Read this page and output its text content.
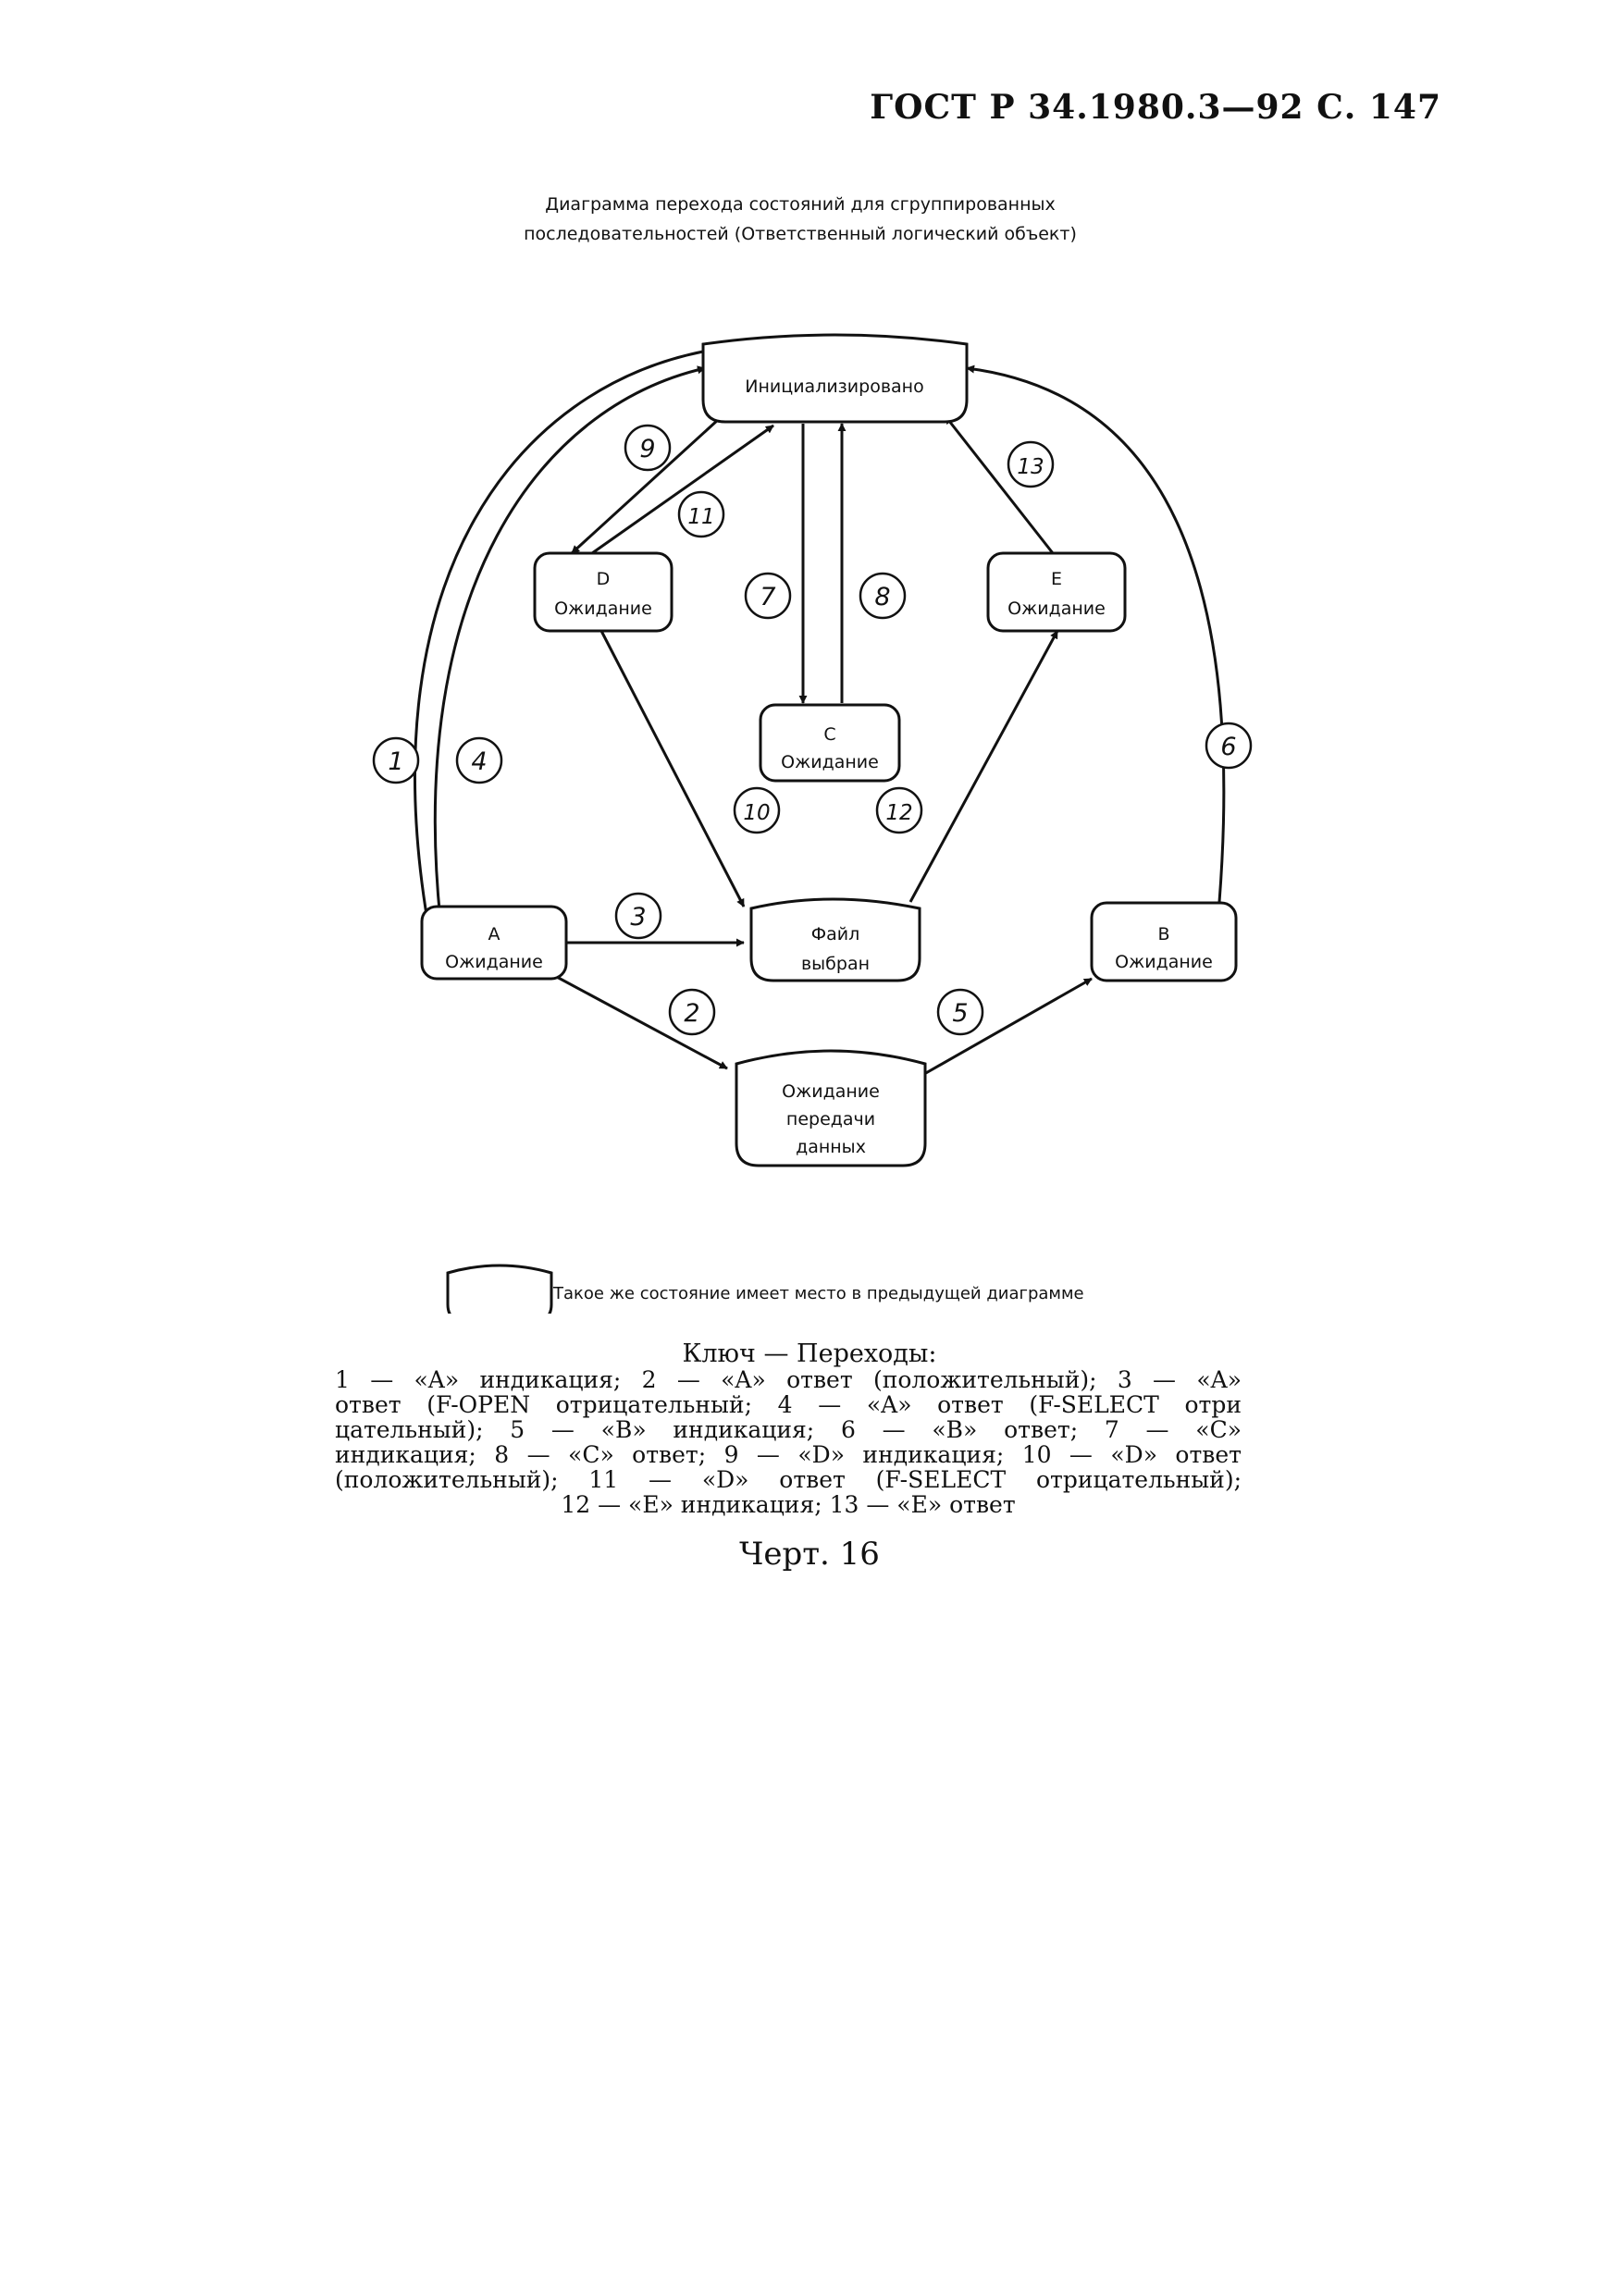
ГОСТ Р 34.1980.3—92 С. 147
Диаграмма перехода состояний для сгруппированных
последовательностей (Ответственный логический объект)
Инициализировано
D
Ожидание
E
Ожидание
C
Ожидание
A
Ожидание
Файл
выбран
B
Ожидание
Ожидание
передачи
данных
1
2
3
4
5
6
7	8
9
10
11
12
13
Такое же состояние имеет место в предыдущей диаграмме
Ключ — Переходы:
1 — «A» индикация; 2 — «A» ответ (положительный); 3 — «A»
ответ (F-OPEN отрицательный; 4 — «A» ответ (F-SELECT отри
цательный); 5 — «B» индикация; 6 — «B» ответ; 7 — «C»
индикация; 8 — «C» ответ; 9 — «D» индикация; 10 — «D» ответ
(положительный); 11 — «D» ответ (F-SELECT отрицательный);
12 — «E» индикация; 13 — «E» ответ
Черт. 16
